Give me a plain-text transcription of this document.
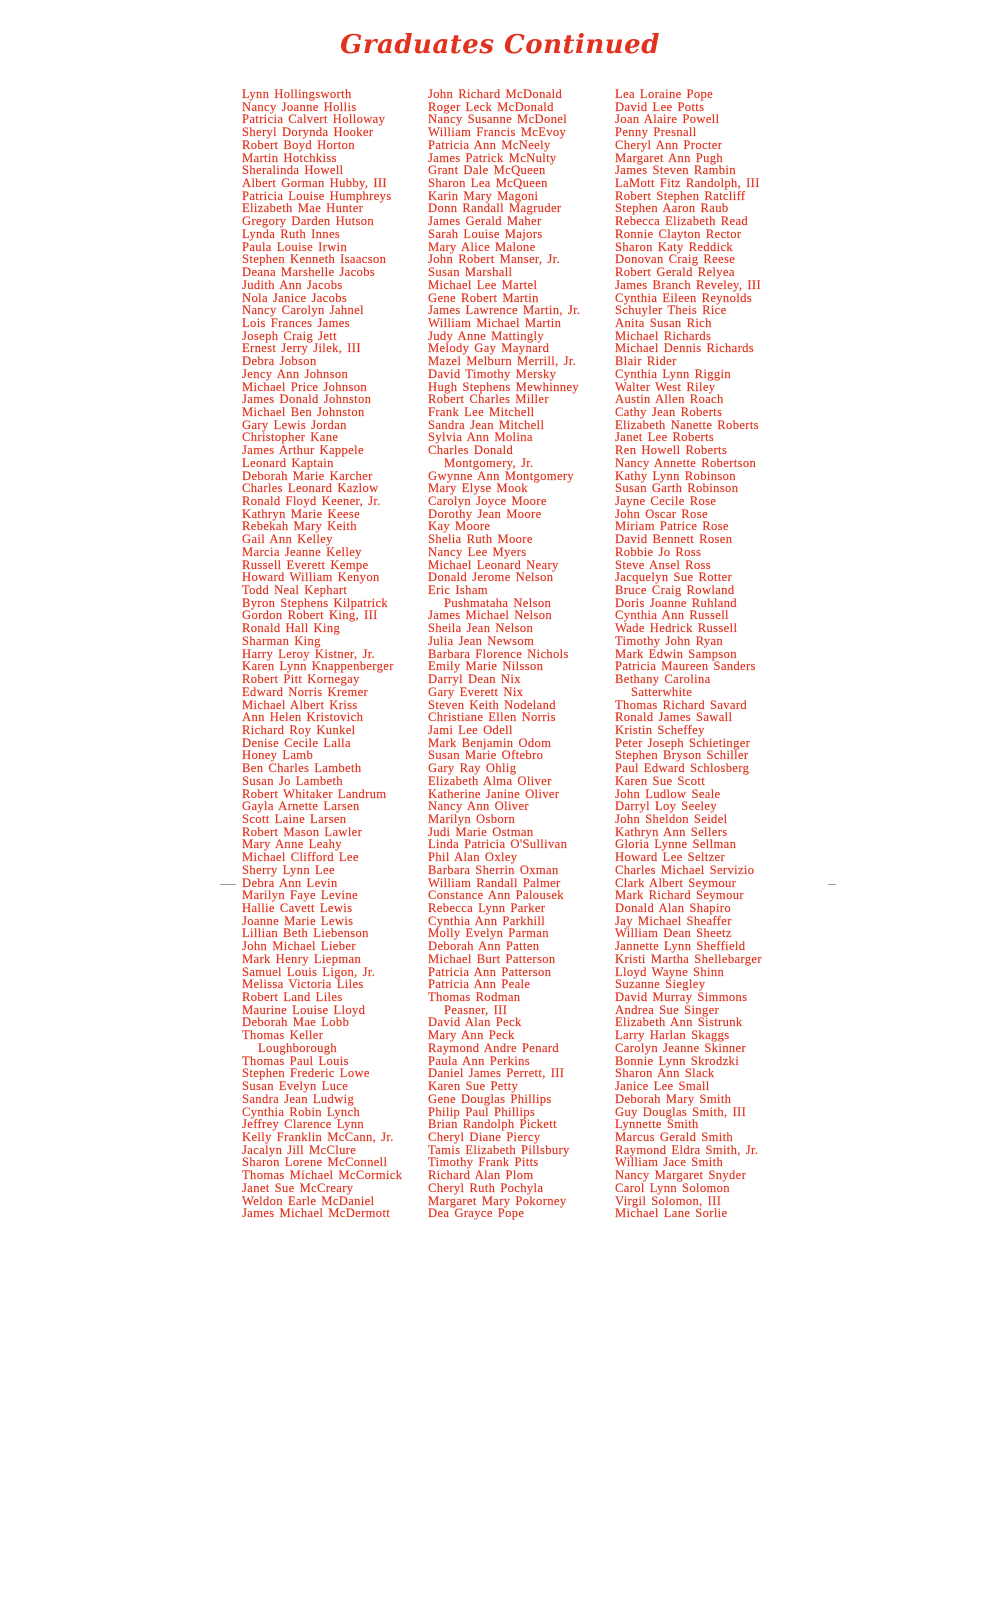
Graduates Continued
Lynn Hollingsworth
Nancy Joanne Hollis
Patricia Calvert Holloway
Sheryl Dorynda Hooker
Robert Boyd Horton
Martin Hotchkiss
Sheralinda Howell
Albert Gorman Hubby, III
Patricia Louise Humphreys
Elizabeth Mae Hunter
Gregory Darden Hutson
Lynda Ruth Innes
Paula Louise Irwin
Stephen Kenneth Isaacson
Deana Marshelle Jacobs
Judith Ann Jacobs
Nola Janice Jacobs
Nancy Carolyn Jahnel
Lois Frances James
Joseph Craig Jett
Ernest Jerry Jilek, III
Debra Jobson
Jency Ann Johnson
Michael Price Johnson
James Donald Johnston
Michael Ben Johnston
Gary Lewis Jordan
Christopher Kane
James Arthur Kappele
Leonard Kaptain
Deborah Marie Karcher
Charles Leonard Kazlow
Ronald Floyd Keener, Jr.
Kathryn Marie Keese
Rebekah Mary Keith
Gail Ann Kelley
Marcia Jeanne Kelley
Russell Everett Kempe
Howard William Kenyon
Todd Neal Kephart
Byron Stephens Kilpatrick
Gordon Robert King, III
Ronald Hall King
Sharman King
Harry Leroy Kistner, Jr.
Karen Lynn Knappenberger
Robert Pitt Kornegay
Edward Norris Kremer
Michael Albert Kriss
Ann Helen Kristovich
Richard Roy Kunkel
Denise Cecile Lalla
Honey Lamb
Ben Charles Lambeth
Susan Jo Lambeth
Robert Whitaker Landrum
Gayla Arnette Larsen
Scott Laine Larsen
Robert Mason Lawler
Mary Anne Leahy
Michael Clifford Lee
Sherry Lynn Lee
Debra Ann Levin
Marilyn Faye Levine
Hallie Cavett Lewis
Joanne Marie Lewis
Lillian Beth Liebenson
John Michael Lieber
Mark Henry Liepman
Samuel Louis Ligon, Jr.
Melissa Victoria Liles
Robert Land Liles
Maurine Louise Lloyd
Deborah Mae Lobb
Thomas Keller
Loughborough
Thomas Paul Louis
Stephen Frederic Lowe
Susan Evelyn Luce
Sandra Jean Ludwig
Cynthia Robin Lynch
Jeffrey Clarence Lynn
Kelly Franklin McCann, Jr.
Jacalyn Jill McClure
Sharon Lorene McConnell
Thomas Michael McCormick
Janet Sue McCreary
Weldon Earle McDaniel
James Michael McDermott
John Richard McDonald
Roger Leck McDonald
Nancy Susanne McDonel
William Francis McEvoy
Patricia Ann McNeely
James Patrick McNulty
Grant Dale McQueen
Sharon Lea McQueen
Karin Mary Magoni
Donn Randall Magruder
James Gerald Maher
Sarah Louise Majors
Mary Alice Malone
John Robert Manser, Jr.
Susan Marshall
Michael Lee Martel
Gene Robert Martin
James Lawrence Martin, Jr.
William Michael Martin
Judy Anne Mattingly
Melody Gay Maynard
Mazel Melburn Merrill, Jr.
David Timothy Mersky
Hugh Stephens Mewhinney
Robert Charles Miller
Frank Lee Mitchell
Sandra Jean Mitchell
Sylvia Ann Molina
Charles Donald
Montgomery, Jr.
Gwynne Ann Montgomery
Mary Elyse Mook
Carolyn Joyce Moore
Dorothy Jean Moore
Kay Moore
Shelia Ruth Moore
Nancy Lee Myers
Michael Leonard Neary
Donald Jerome Nelson
Eric Isham
Pushmataha Nelson
James Michael Nelson
Sheila Jean Nelson
Julia Jean Newsom
Barbara Florence Nichols
Emily Marie Nilsson
Darryl Dean Nix
Gary Everett Nix
Steven Keith Nodeland
Christiane Ellen Norris
Jami Lee Odell
Mark Benjamin Odom
Susan Marie Oftebro
Gary Ray Ohlig
Elizabeth Alma Oliver
Katherine Janine Oliver
Nancy Ann Oliver
Marilyn Osborn
Judi Marie Ostman
Linda Patricia O'Sullivan
Phil Alan Oxley
Barbara Sherrin Oxman
William Randall Palmer
Constance Ann Palousek
Rebecca Lynn Parker
Cynthia Ann Parkhill
Molly Evelyn Parman
Deborah Ann Patten
Michael Burt Patterson
Patricia Ann Patterson
Patricia Ann Peale
Thomas Rodman
Peasner, III
David Alan Peck
Mary Ann Peck
Raymond Andre Penard
Paula Ann Perkins
Daniel James Perrett, III
Karen Sue Petty
Gene Douglas Phillips
Philip Paul Phillips
Brian Randolph Pickett
Cheryl Diane Piercy
Tamis Elizabeth Pillsbury
Timothy Frank Pitts
Richard Alan Plom
Cheryl Ruth Pochyla
Margaret Mary Pokorney
Dea Grayce Pope
Lea Loraine Pope
David Lee Potts
Joan Alaire Powell
Penny Presnall
Cheryl Ann Procter
Margaret Ann Pugh
James Steven Rambin
LaMott Fitz Randolph, III
Robert Stephen Ratcliff
Stephen Aaron Raub
Rebecca Elizabeth Read
Ronnie Clayton Rector
Sharon Katy Reddick
Donovan Craig Reese
Robert Gerald Relyea
James Branch Reveley, III
Cynthia Eileen Reynolds
Schuyler Theis Rice
Anita Susan Rich
Michael Richards
Michael Dennis Richards
Blair Rider
Cynthia Lynn Riggin
Walter West Riley
Austin Allen Roach
Cathy Jean Roberts
Elizabeth Nanette Roberts
Janet Lee Roberts
Ren Howell Roberts
Nancy Annette Robertson
Kathy Lynn Robinson
Susan Garth Robinson
Jayne Cecile Rose
John Oscar Rose
Miriam Patrice Rose
David Bennett Rosen
Robbie Jo Ross
Steve Ansel Ross
Jacquelyn Sue Rotter
Bruce Craig Rowland
Doris Joanne Ruhland
Cynthia Ann Russell
Wade Hedrick Russell
Timothy John Ryan
Mark Edwin Sampson
Patricia Maureen Sanders
Bethany Carolina
Satterwhite
Thomas Richard Savard
Ronald James Sawall
Kristin Scheffey
Peter Joseph Schietinger
Stephen Bryson Schiller
Paul Edward Schlosberg
Karen Sue Scott
John Ludlow Seale
Darryl Loy Seeley
John Sheldon Seidel
Kathryn Ann Sellers
Gloria Lynne Sellman
Howard Lee Seltzer
Charles Michael Servizio
Clark Albert Seymour
Mark Richard Seymour
Donald Alan Shapiro
Jay Michael Sheaffer
William Dean Sheetz
Jannette Lynn Sheffield
Kristi Martha Shellebarger
Lloyd Wayne Shinn
Suzanne Siegley
David Murray Simmons
Andrea Sue Singer
Elizabeth Ann Sistrunk
Larry Harlan Skaggs
Carolyn Jeanne Skinner
Bonnie Lynn Skrodzki
Sharon Ann Slack
Janice Lee Small
Deborah Mary Smith
Guy Douglas Smith, III
Lynnette Smith
Marcus Gerald Smith
Raymond Eldra Smith, Jr.
William Jace Smith
Nancy Margaret Snyder
Carol Lynn Solomon
Virgil Solomon, III
Michael Lane Sorlie
